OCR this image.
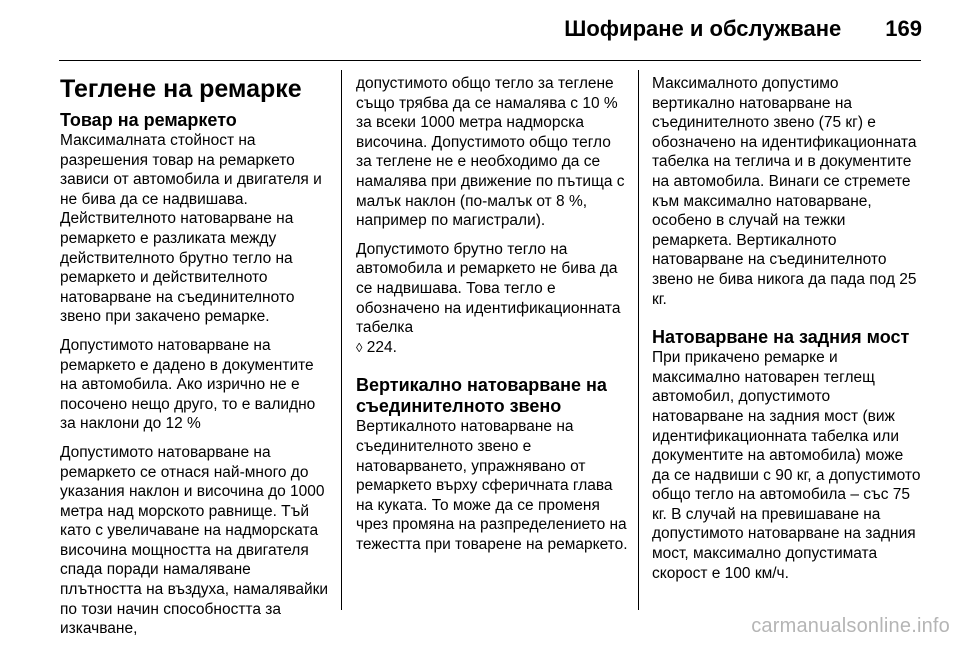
Шофиране и обслужване 169
Теглене на ремарке
Товар на ремаркето

Максималната стойност на разрешения товар на ремаркето зависи от автомобила и двигателя и не бива да се надвишава. Действителното натоварване на ремаркето е разликата между действителното брутно тегло на ремаркето и действителното натоварване на съединителното звено при закачено ремарке.

Допустимото натоварване на ремаркето е дадено в документите на автомобила. Ако изрично не е посочено нещо друго, то е валидно за наклони до 12 %

Допустимото натоварване на ремаркето се отнася най-много до указания наклон и височина до 1000 метра над морското равнище. Тъй като с увеличаване на надморската височина мощността на двигателя спада поради намаляване плътността на въздуха, намалявайки по този начин способността за изкачване,

допустимото общо тегло за теглене също трябва да се намалява с 10 % за всеки 1000 метра надморска височина. Допустимото общо тегло за теглене не е необходимо да се намалява при движение по пътища с малък наклон (по-малък от 8 %, например по магистрали).

Допустимото брутно тегло на автомобила и ремаркето не бива да се надвишава. Това тегло е обозначено на идентификационната табелка
◊ 224.

Вертикално натоварване на съединителното звено

Вертикалното натоварване на съединителното звено е натоварването, упражнявано от ремаркето върху сферичната глава на куката. То може да се променя чрез промяна на разпределението на тежестта при товарене на ремаркето.

Максималното допустимо вертикално натоварване на съединителното звено (75 кг) е обозначено на идентификационната табелка на теглича и в документите на автомобила. Винаги се стремете към максимално натоварване, особено в случай на тежки ремаркета. Вертикалното натоварване на съединителното звено не бива никога да пада под 25 кг.

Натоварване на задния мост

При прикачено ремарке и максимално натоварен теглещ автомобил, допустимото натоварване на задния мост (виж идентификационната табелка или документите на автомобила) може да се надвиши с 90 кг, а допустимото общо тегло на автомобила – със 75 кг. В случай на превишаване на допустимото натоварване на задния мост, максимално допустимата скорост е 100 км/ч.

carmanualsonline.info
